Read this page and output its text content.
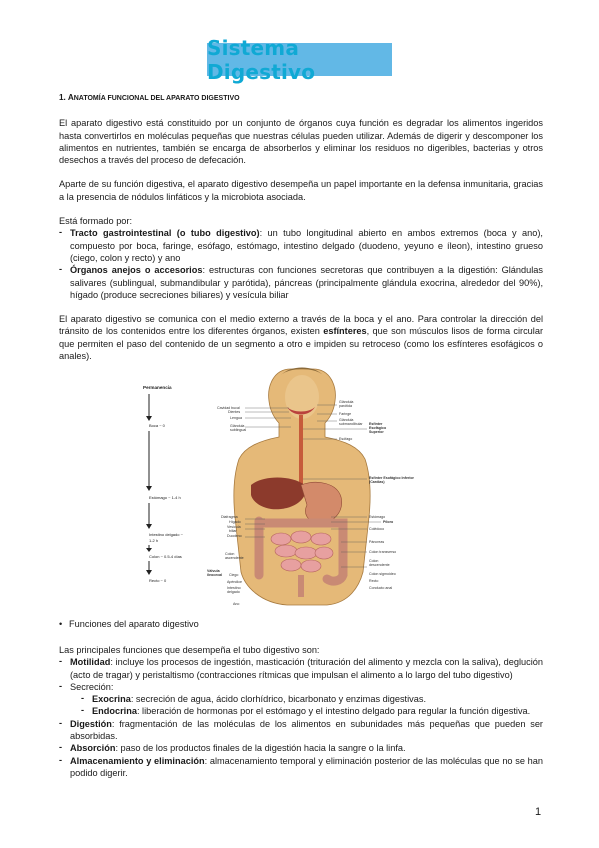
Sistema Digestivo
1. ANATOMÍA FUNCIONAL DEL APARATO DIGESTIVO

El aparato digestivo está constituido por un conjunto de órganos cuya función es degradar los alimentos ingeridos hasta convertirlos en moléculas pequeñas que nuestras células pueden utilizar. Además de digerir y descomponer los alimentos en nutrientes, también se encarga de absorberlos y eliminar los residuos no digeribles, bacterias y otros desechos a través del proceso de defecación.

Aparte de su función digestiva, el aparato digestivo desempeña un papel importante en la defensa inmunitaria, gracias a la presencia de nódulos linfáticos y la microbiota asociada.

Está formado por:

- Tracto gastrointestinal (o tubo digestivo): un tubo longitudinal abierto en ambos extremos (boca y ano), compuesto por boca, faringe, esófago, estómago, intestino delgado (duodeno, yeyuno e íleon), intestino grueso (ciego, colon y recto) y ano
- Órganos anejos o accesorios: estructuras con funciones secretoras que contribuyen a la digestión: Glándulas salivares (sublingual, submandibular y parótida), páncreas (principalmente glándula exocrina, alrededor del 90%), hígado (produce secreciones biliares) y vesícula biliar

El aparato digestivo se comunica con el medio externo a través de la boca y el ano. Para controlar la dirección del tránsito de los contenidos entre los diferentes órganos, existen esfínteres, que son músculos lisos de forma circular que permiten el paso del contenido de un segmento a otro e impiden su retroceso (como los esfínteres esofágicos o anales).

Permanencia
Boca ~ 0
Estómago ~ 1-4 h
Intestino delgado ~
1-2 h
Colon ~ 0.5-4 días
Recto ~ 0
Cavidad bucal
Dientes
Lengua
Glándula
sublingual
Glándula
parótida
Faringe
Glándula
submandibular
Esófago
Esfínter
Esofágico
Superior
Esfínter Esofágico Inferior
(Cardias)
Estómago
Píloro
Colédoco
Páncreas
Colon transverso
Colon
descendente
Colon sigmoideo
Recto
Conducto anal
Diafragma
Hígado
Vesícula
biliar
Duodeno
Colon
ascendente
Válvula
ileocecal Ciego
Apéndice
Intestino
delgado
Ano
• Funciones del aparato digestivo

Las principales funciones que desempeña el tubo digestivo son:

- Motilidad: incluye los procesos de ingestión, masticación (trituración del alimento y mezcla con la saliva), deglución (acto de tragar) y peristaltismo (contracciones rítmicas que impulsan el alimento a lo largo del tubo digestivo)
- Secreción:
- Exocrina: secreción de agua, ácido clorhídrico, bicarbonato y enzimas digestivas.
- Endocrina: liberación de hormonas por el estómago y el intestino delgado para regular la función digestiva.
- Digestión: fragmentación de las moléculas de los alimentos en subunidades más pequeñas que pueden ser absorbidas.
- Absorción: paso de los productos finales de la digestión hacia la sangre o la linfa.
- Almacenamiento y eliminación: almacenamiento temporal y eliminación posterior de las moléculas que no se han podido digerir.
1
